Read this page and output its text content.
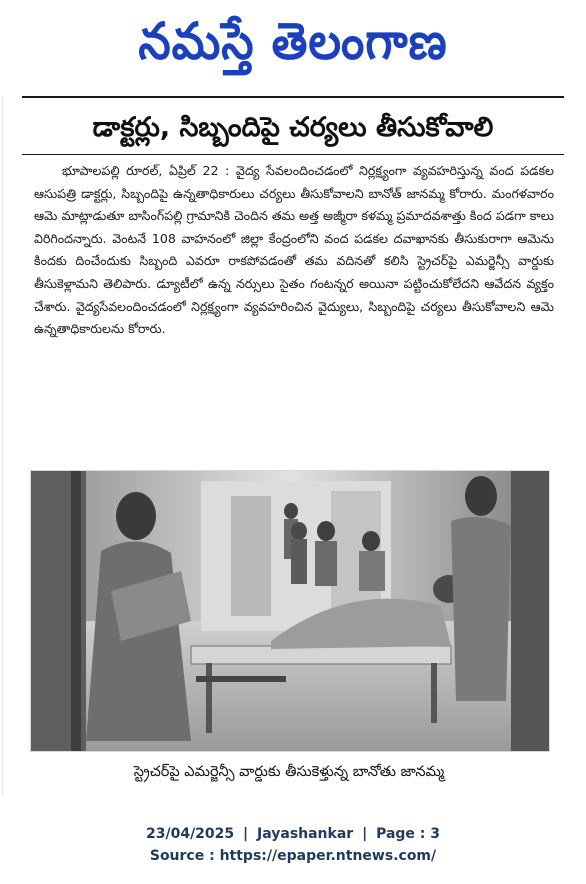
నమస్తే తెలంగాణ
డాక్టర్లు, సిబ్బందిపై చర్యలు తీసుకోవాలి
భూపాలపల్లి రూరల్, ఏప్రిల్ 22 : వైద్య సేవలందించడంలో నిర్లక్ష్యంగా వ్యవహరిస్తున్న వంద పడకల ఆసుపత్రి డాక్టర్లు, సిబ్బందిపై ఉన్నతాధికారులు చర్యలు తీసుకోవాలని బానోత్ జానమ్మ కోరారు. మంగళవారం ఆమె మాట్లాడుతూ బాసింగ్‌పల్లి గ్రామానికి చెందిన తమ అత్త అజ్మీరా కళమ్మ ప్రమాదవశాత్తు కింద పడగా కాలు విరిగిందన్నారు. వెంటనే 108 వాహనంలో జిల్లా కేంద్రంలోని వంద పడకల దవాఖానకు తీసుకురాగా ఆమెను కిందకు దించేందుకు సిబ్బంది ఎవరూ రాకపోవడంతో తమ వదినతో కలిసి స్ట్రెచర్‌పై ఎమర్జెన్సీ వార్డుకు తీసుకెళ్లామని తెలిపారు. డ్యూటీలో ఉన్న నర్సులు సైతం గంటన్నర అయినా పట్టించుకోలేదని ఆవేదన వ్యక్తం చేశారు. వైద్యసేవలందించడంలో నిర్లక్ష్యంగా వ్యవహరించిన వైద్యులు, సిబ్బందిపై చర్యలు తీసుకోవాలని ఆమె ఉన్నతాధికారులను కోరారు.
స్ట్రెచర్‌పై ఎమర్జెన్సీ వార్డుకు తీసుకెళ్తున్న బానోతు జానమ్మ
23/04/2025 | Jayashankar | Page : 3
Source : https://epaper.ntnews.com/
